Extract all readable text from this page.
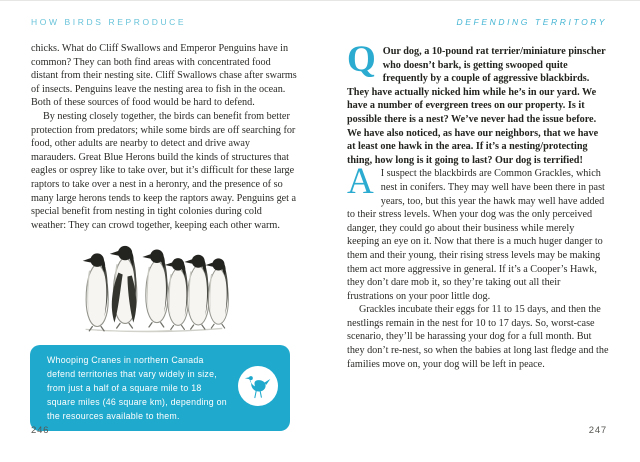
HOW BIRDS REPRODUCE

chicks. What do Cliff Swallows and Emperor Penguins have in common? They can both find areas with concentrated food distant from their nesting site. Cliff Swallows chase after swarms of insects. Penguins leave the nesting area to fish in the ocean. Both of these sources of food would be hard to defend.

By nesting closely together, the birds can benefit from better protection from predators; while some birds are off searching for food, other adults are nearby to detect and drive away marauders. Great Blue Herons build the kinds of structures that eagles or osprey like to take over, but it’s difficult for these large raptors to take over a nest in a heronry, and the presence of so many large herons tends to keep the raptors away. Penguins get a special benefit from nesting in tight colonies during cold weather: They can crowd together, keeping each other warm.

Whooping Cranes in northern Canada defend territories that vary widely in size, from just a half of a square mile to 18 square miles (46 square km), depending on the resources available to them.
246
DEFENDING TERRITORY

Q Our dog, a 10-pound rat terrier/miniature pinscher who doesn’t bark, is getting swooped quite frequently by a couple of aggressive blackbirds. They have actually nicked him while he’s in our yard. We have a number of evergreen trees on our property. Is it possible there is a nest? We’ve never had the issue before. We have also noticed, as have our neighbors, that we have at least one hawk in the area. If it’s a nesting/protecting thing, how long is it going to last? Our dog is terrified!

A I suspect the blackbirds are Common Grackles, which nest in conifers. They may well have been there in past years, too, but this year the hawk may well have added to their stress levels. When your dog was the only perceived danger, they could go about their business while merely keeping an eye on it. Now that there is a much huger danger to them and their young, their rising stress levels may be making them act more aggressive in general. If it’s a Cooper’s Hawk, they don’t dare mob it, so they’re taking out all their frustrations on your poor little dog.

Grackles incubate their eggs for 11 to 15 days, and then the nestlings remain in the nest for 10 to 17 days. So, worst-case scenario, they’ll be harassing your dog for a full month. But they don’t re-nest, so when the babies at long last fledge and the families move on, your dog will be left in peace.

247
